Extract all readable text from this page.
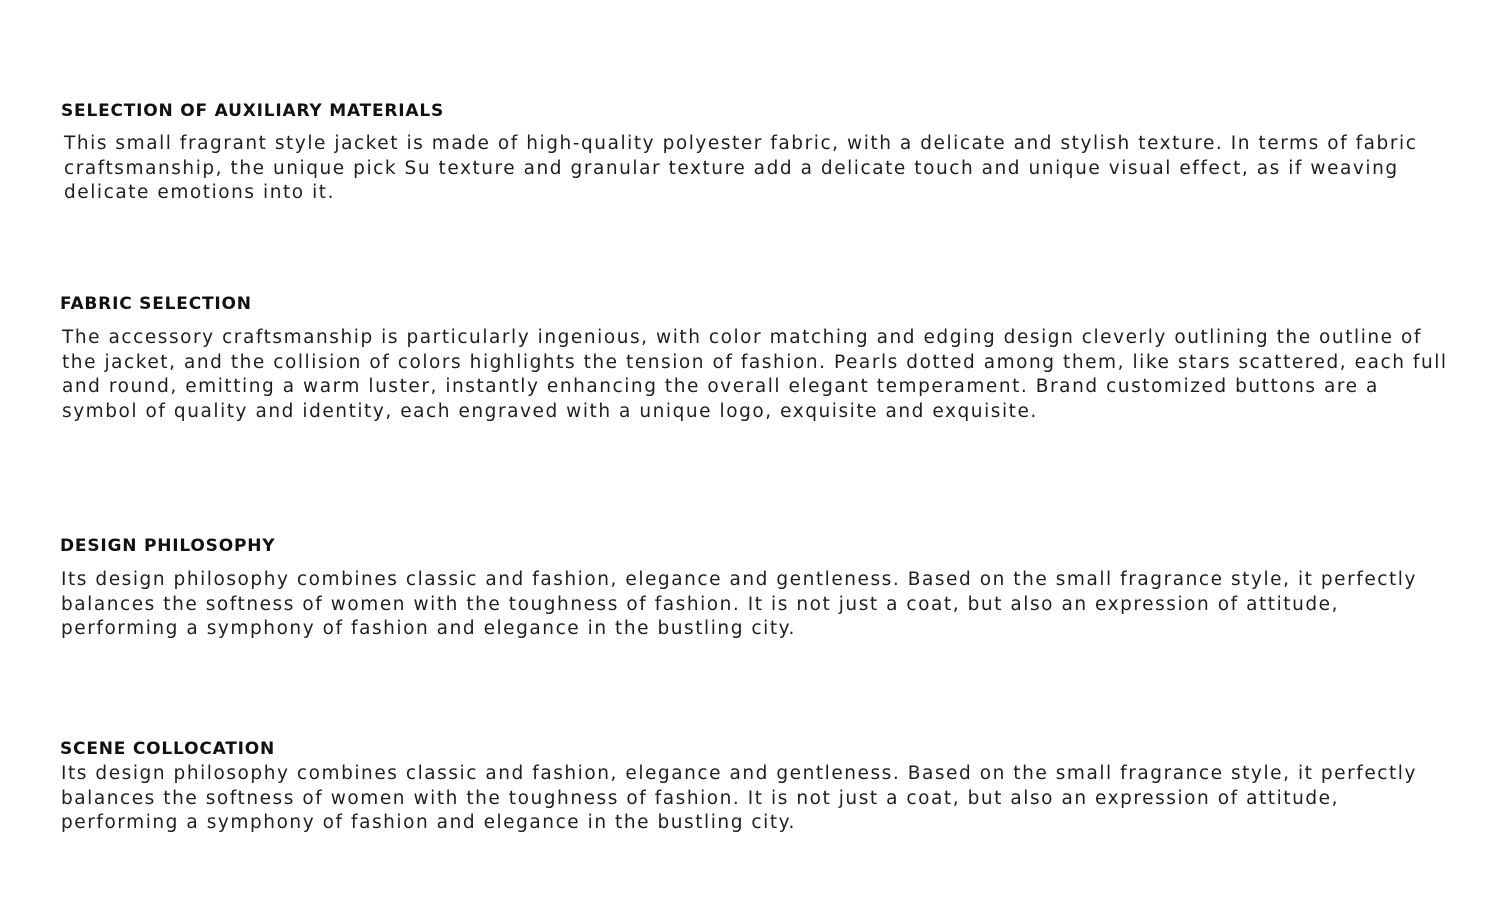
SELECTION OF AUXILIARY MATERIALS

This small fragrant style jacket is made of high-quality polyester fabric, with a delicate and stylish texture. In terms of fabric craftsmanship, the unique pick Su texture and granular texture add a delicate touch and unique visual effect, as if weaving delicate emotions into it.

FABRIC SELECTION

The accessory craftsmanship is particularly ingenious, with color matching and edging design cleverly outlining the outline of the jacket, and the collision of colors highlights the tension of fashion. Pearls dotted among them, like stars scattered, each full and round, emitting a warm luster, instantly enhancing the overall elegant temperament. Brand customized buttons are a symbol of quality and identity, each engraved with a unique logo, exquisite and exquisite.

DESIGN PHILOSOPHY

Its design philosophy combines classic and fashion, elegance and gentleness. Based on the small fragrance style, it perfectly balances the softness of women with the toughness of fashion. It is not just a coat, but also an expression of attitude, performing a symphony of fashion and elegance in the bustling city.

SCENE COLLOCATION

Its design philosophy combines classic and fashion, elegance and gentleness. Based on the small fragrance style, it perfectly balances the softness of women with the toughness of fashion. It is not just a coat, but also an expression of attitude, performing a symphony of fashion and elegance in the bustling city.
